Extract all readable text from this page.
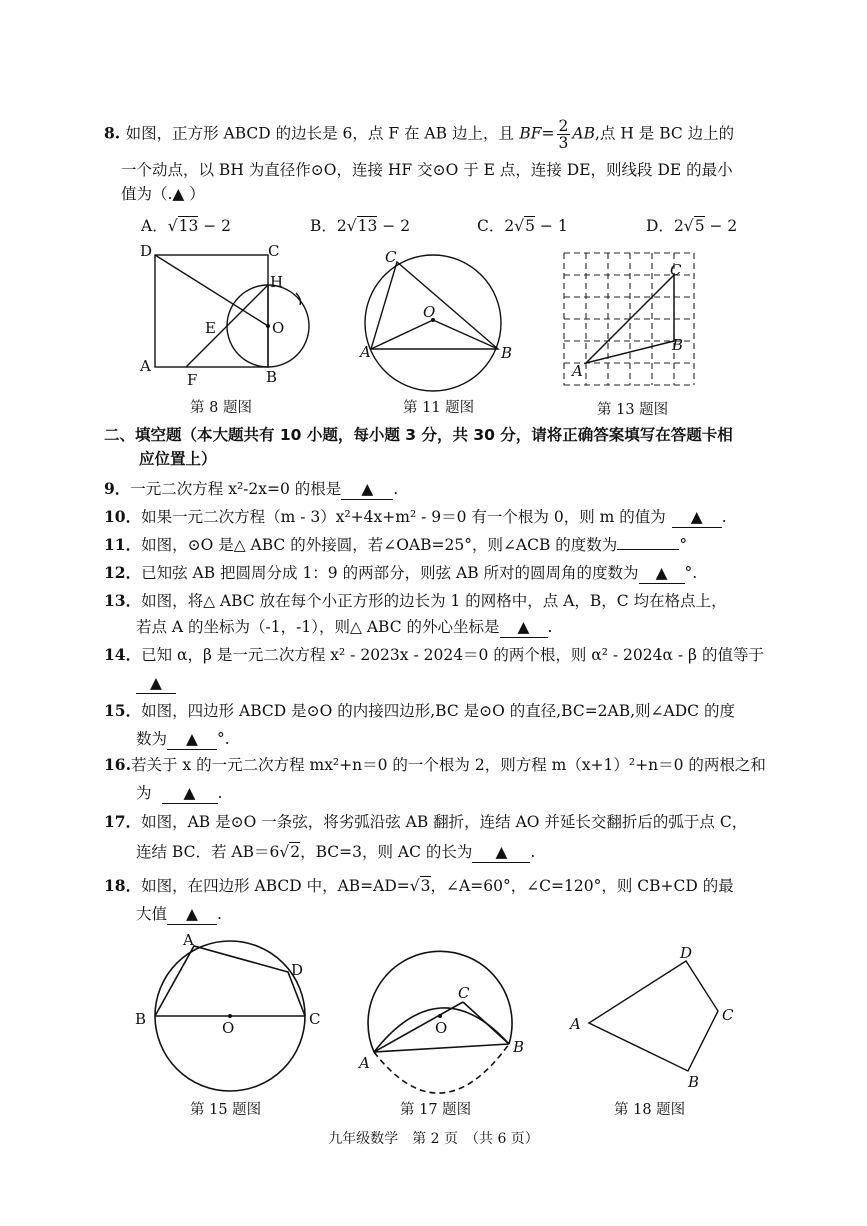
8. 如图，正方形 ABCD 的边长是 6，点 F 在 AB 边上，且 $BF= \frac{2}{3}$ AB,点 H 是 BC 边上的
一个动点，以 BH 为直径作⊙O，连接 HF 交⊙O 于 E 点，连接 DE，则线段 DE 的最小
值为（.▲ ）
A．√13 − 2	B．2√13 − 2	C．2√5 − 1	D．2√5 − 2
D	C
H
E	O
A
F	B
C
O
A	B
C
B
A
A
D
B	O	C
C
O
A
B
D
A	C
B
第 8 题图	第 11 题图	第 13 题图
二、填空题（本大题共有 10 小题，每小题 3 分，共 30 分，请将正确答案填写在答题卡相
应位置上）
9．一元二次方程 x²-2x=0 的根是 ▲ .
10．如果一元二次方程（m - 3）x²+4x+m² - 9＝0 有一个根为 0，则 m 的值为 ▲ .
11．如图，⊙O 是△ ABC 的外接圆，若∠OAB=25°，则∠ACB 的度数为	°
12．已知弦 AB 把圆周分成 1：9 的两部分，则弦 AB 所对的圆周角的度数为 ▲ °.
13．如图，将△ ABC 放在每个小正方形的边长为 1 的网格中，点 A，B，C 均在格点上，
若点 A 的坐标为（-1，-1），则△ ABC 的外心坐标是 ▲ .
14．已知 α，β 是一元二次方程 x² - 2023x - 2024＝0 的两个根，则 α² - 2024α - β 的值等于
▲
15．如图，四边形 ABCD 是⊙O 的内接四边形,BC 是⊙O 的直径,BC=2AB,则∠ADC 的度
数为 ▲ °.
16.若关于 x 的一元二次方程 mx²+n＝0 的一个根为 2，则方程 m（x+1）²+n＝0 的两根之和
为 ▲ .
17．如图，AB 是⊙O 一条弦，将劣弧沿弦 AB 翻折，连结 AO 并延长交翻折后的弧于点 C，
连结 BC．若 AB＝6√2，BC=3，则 AC 的长为 ▲ .
18．如图，在四边形 ABCD 中，AB=AD=√3，∠A=60°，∠C=120°，则 CB+CD 的最
大值 ▲ .
第 15 题图	第 17 题图	第 18 题图
九年级数学　第 2 页　（共 6 页）
